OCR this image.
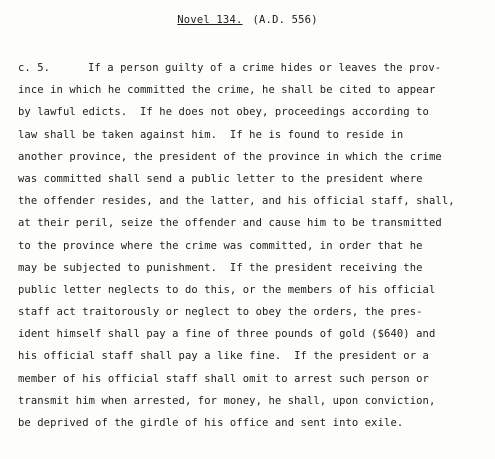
Novel 134. (A.D. 556)
c. 5.	If a person guilty of a crime hides or leaves the prov-
ince in which he committed the crime, he shall be cited to appear
by lawful edicts.  If he does not obey, proceedings according to
law shall be taken against him.  If he is found to reside in
another province, the president of the province in which the crime
was committed shall send a public letter to the president where
the offender resides, and the latter, and his official staff, shall,
at their peril, seize the offender and cause him to be transmitted
to the province where the crime was committed, in order that he
may be subjected to punishment.  If the president receiving the
public letter neglects to do this, or the members of his official
staff act traitorously or neglect to obey the orders, the pres-
ident himself shall pay a fine of three pounds of gold ($640) and
his official staff shall pay a like fine.  If the president or a
member of his official staff shall omit to arrest such person or
transmit him when arrested, for money, he shall, upon conviction,
be deprived of the girdle of his office and sent into exile.
